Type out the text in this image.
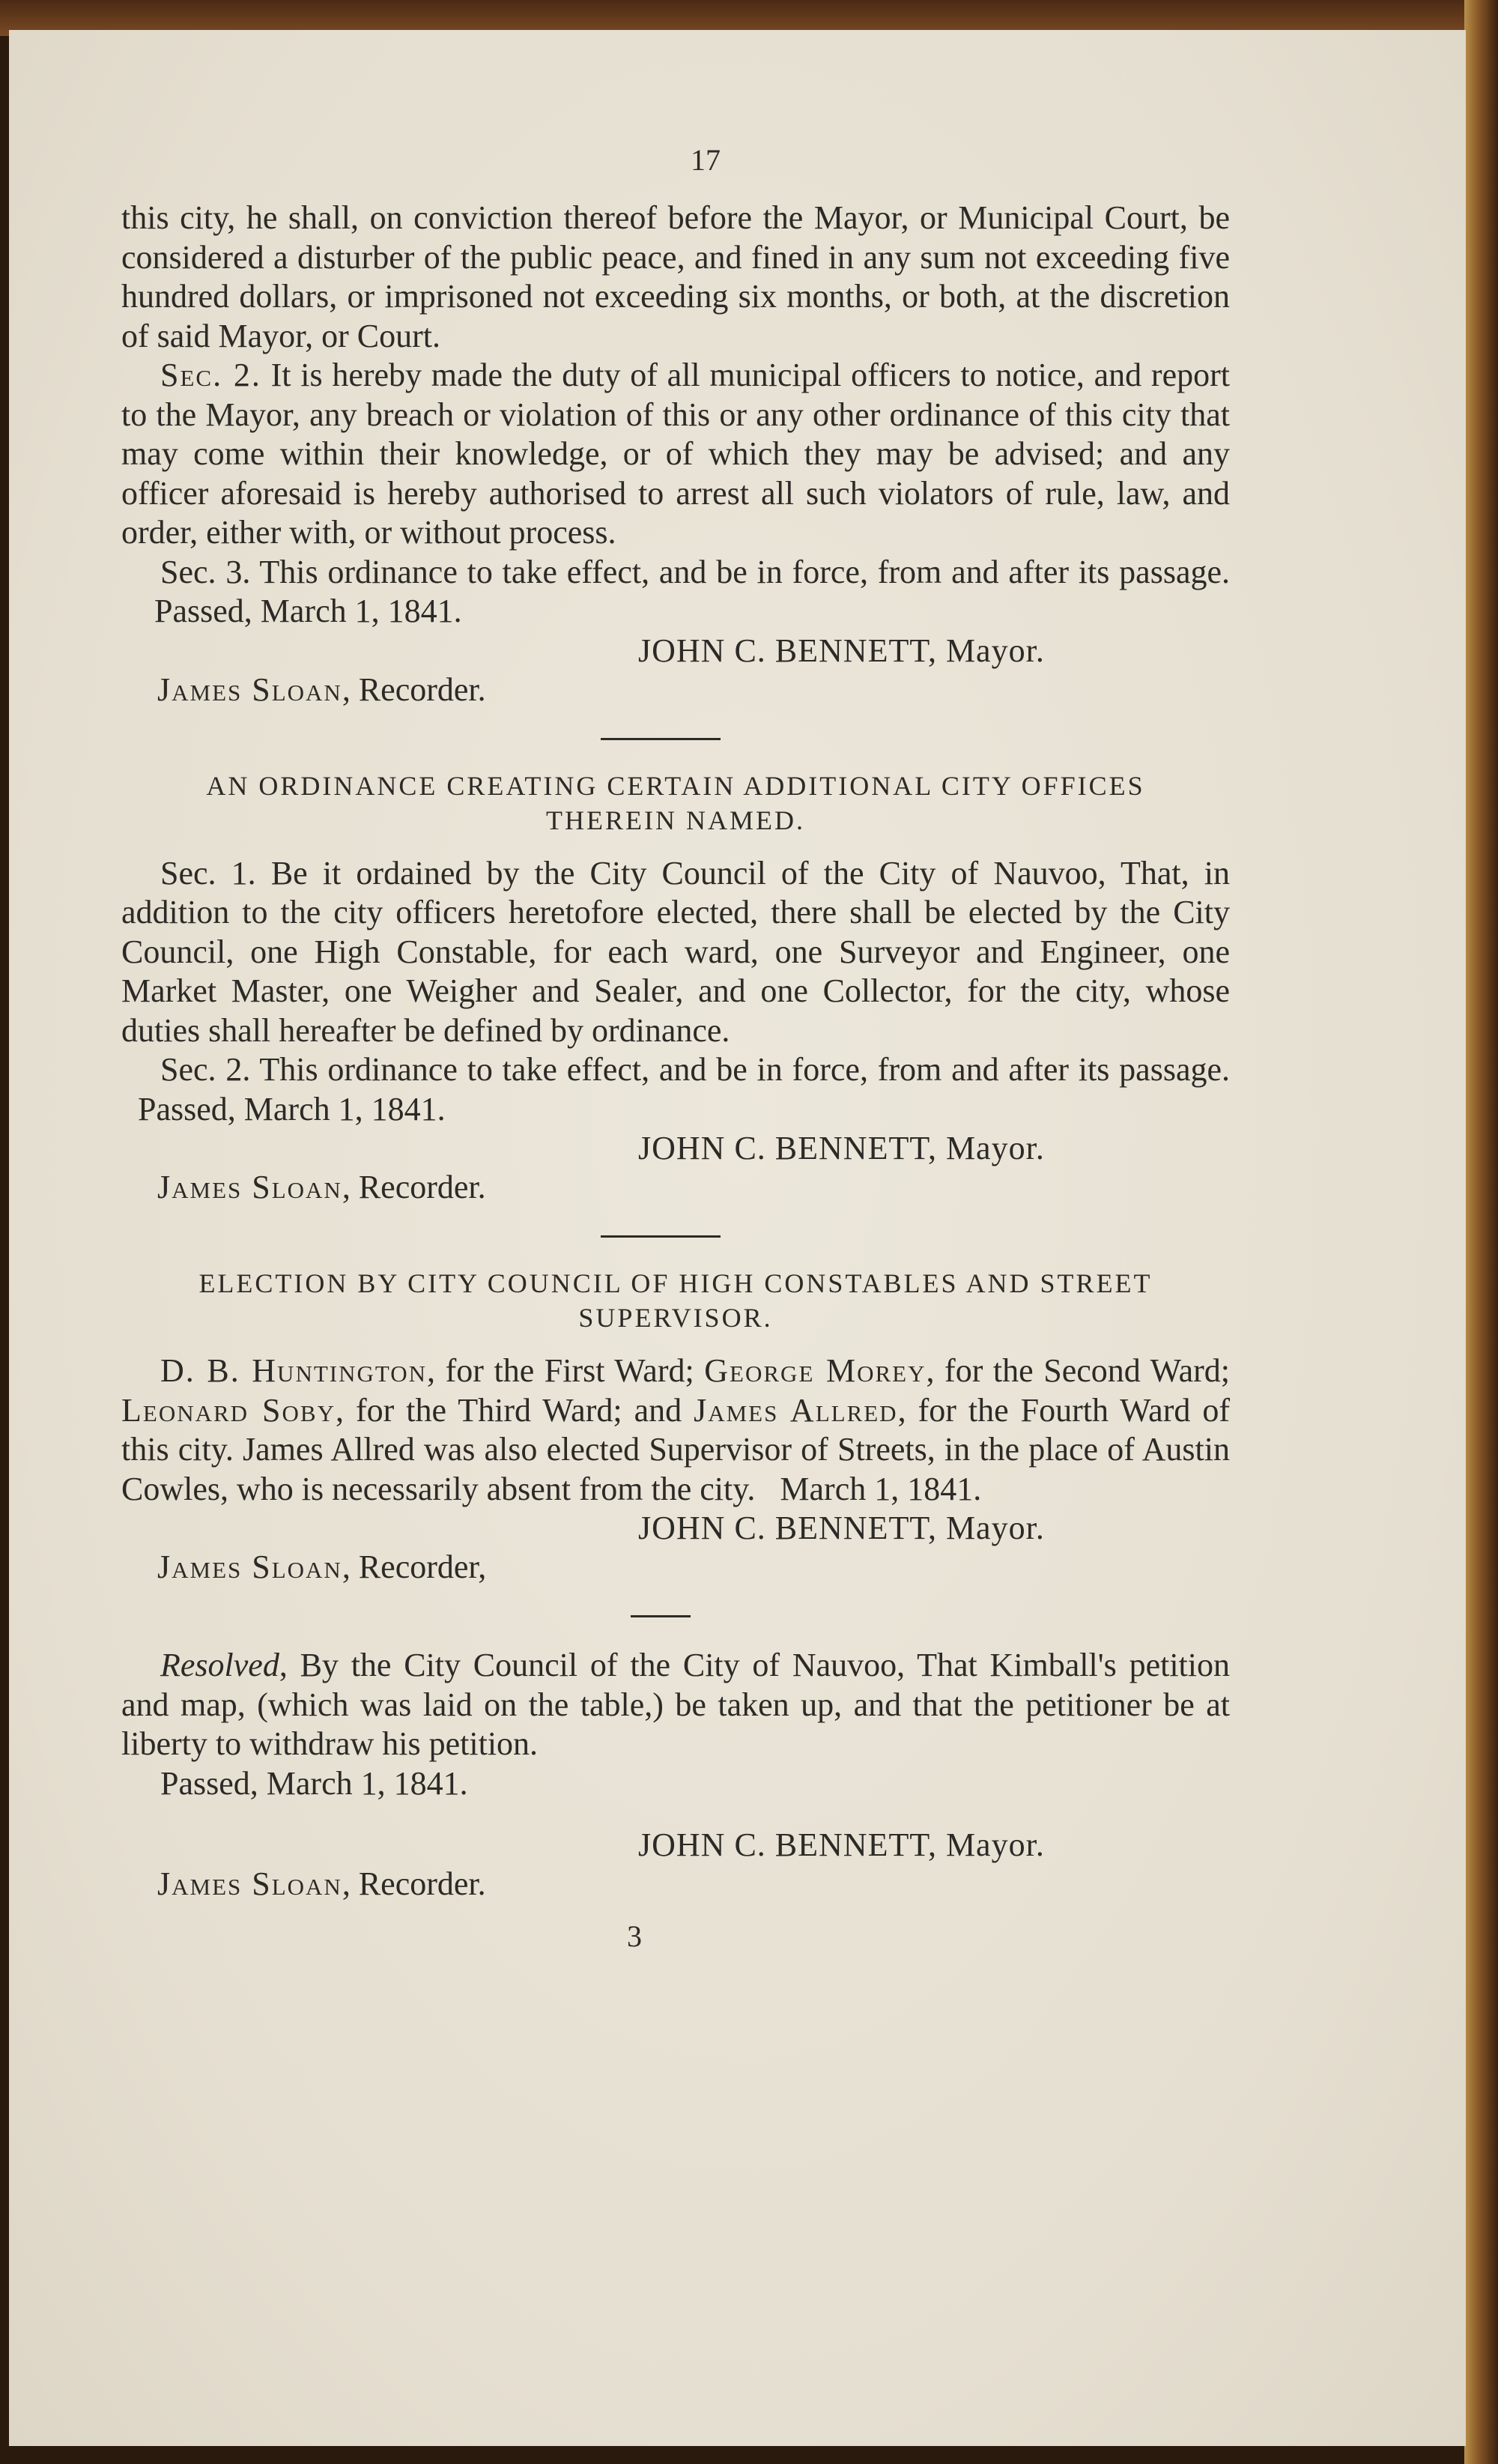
17

this city, he shall, on conviction thereof before the Mayor, or Municipal Court, be considered a disturber of the public peace, and fined in any sum not exceeding five hundred dollars, or imprisoned not exceeding six months, or both, at the discretion of said Mayor, or Court.

Sec. 2. It is hereby made the duty of all municipal officers to notice, and report to the Mayor, any breach or violation of this or any other ordinance of this city that may come within their knowledge, or of which they may be advised; and any officer aforesaid is hereby authorised to arrest all such violators of rule, law, and order, either with, or without process.

Sec. 3. This ordinance to take effect, and be in force, from and after its passage.     Passed, March 1, 1841.

JOHN C. BENNETT, Mayor.

James Sloan, Recorder.

AN ORDINANCE CREATING CERTAIN ADDITIONAL CITY OFFICES
THEREIN NAMED.

Sec. 1. Be it ordained by the City Council of the City of Nauvoo, That, in addition to the city officers heretofore elected, there shall be elected by the City Council, one High Constable, for each ward, one Surveyor and Engineer, one Market Master, one Weigher and Sealer, and one Collector, for the city, whose duties shall hereafter be defined by ordinance.

Sec. 2. This ordinance to take effect, and be in force, from and after its passage.   Passed, March 1, 1841.

JOHN C. BENNETT, Mayor.

James Sloan, Recorder.

ELECTION BY CITY COUNCIL OF HIGH CONSTABLES AND STREET
SUPERVISOR.

D. B. Huntington, for the First Ward; George Morey, for the Second Ward; Leonard Soby, for the Third Ward; and James Allred, for the Fourth Ward of this city. James Allred was also elected Supervisor of Streets, in the place of Austin Cowles, who is necessarily absent from the city. March 1, 1841.

JOHN C. BENNETT, Mayor.

James Sloan, Recorder,

Resolved, By the City Council of the City of Nauvoo, That Kimball's petition and map, (which was laid on the table,) be taken up, and that the petitioner be at liberty to withdraw his petition.

Passed, March 1, 1841.

JOHN C. BENNETT, Mayor.

James Sloan, Recorder.

3
